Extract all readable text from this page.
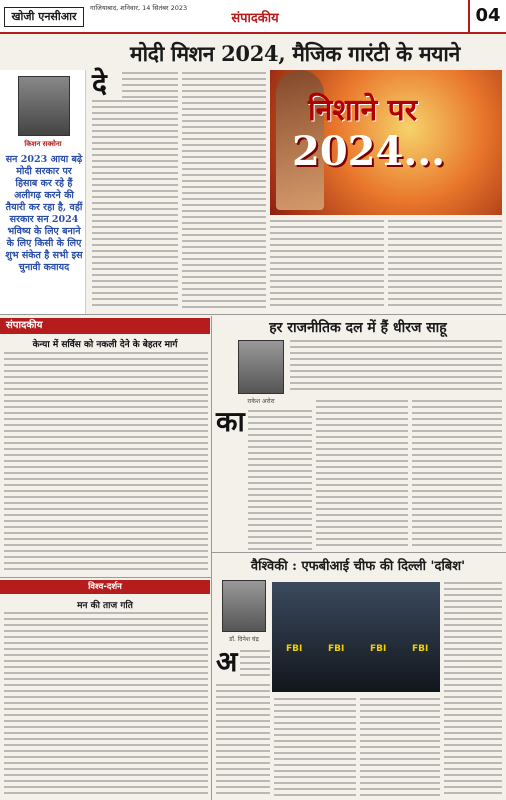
खोजी एनसीआर
गाजियाबाद, शनिवार, 14 सितंबर 2023
संपादकीय	04
मोदी मिशन 2024, मैजिक गारंटी के मयाने
किशन सक्सेना
सन 2023 आया बढ़े मोदी सरकार पर हिसाब कर रहे हैं अलीगढ़ करने की तैयारी कर रहा है, वहीं सरकार सन 2024 भविष्य के लिए बनाने के लिए किसी के लिए शुभ संकेत है सभी इस चुनावी कवायद
दे
निशाने पर
2024...
संपादकीय
केन्या में सर्विस को नकली देने के बेहतर मार्ग
हर राजनीतिक दल में हैं धीरज साहू
राकेश अरोरा
का
विश्व-दर्शन
मन की ताज गति
वैश्विकी : एफबीआई चीफ की दिल्ली 'दबिश'
डॉ. दिनेश चंद्र
अ	FBI	FBI	FBI	FBI
